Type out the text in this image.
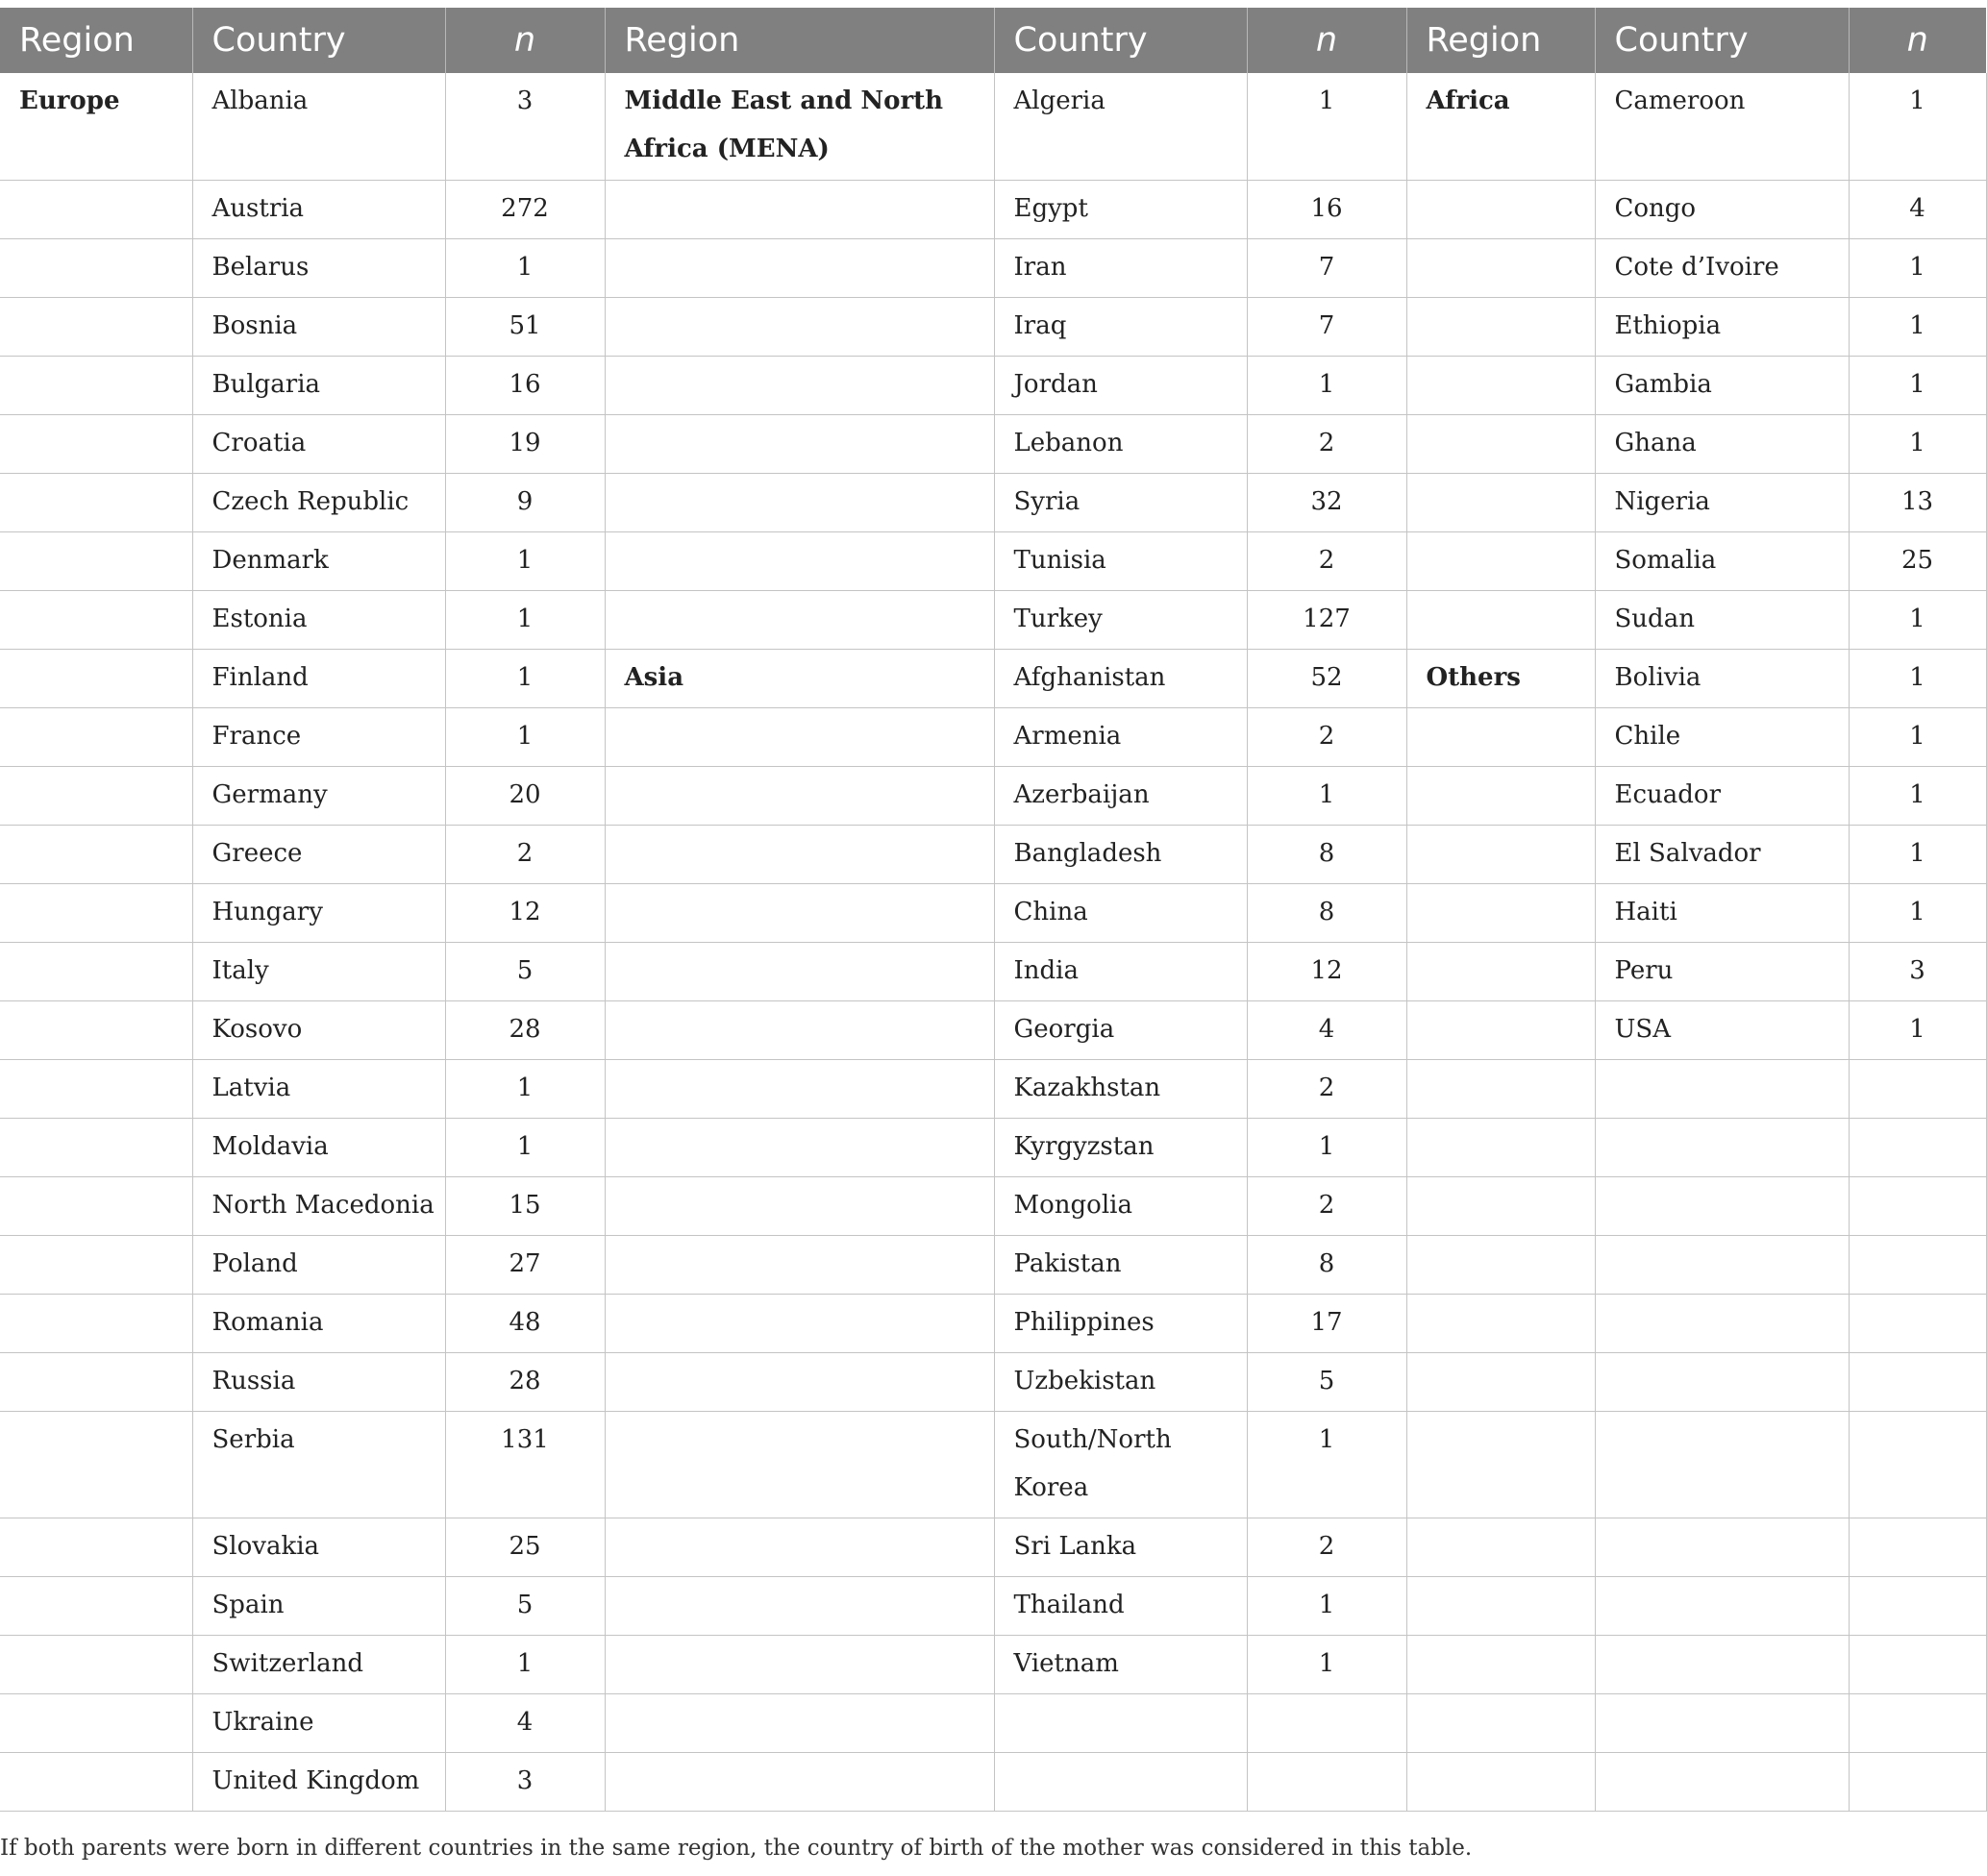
Region	Country	n	Region	Country	n	Region	Country	n
Europe	Albania	3	Middle East and North Africa (MENA)	Algeria	1	Africa	Cameroon	1
	Austria	272		Egypt	16		Congo	4
	Belarus	1		Iran	7		Cote d’Ivoire	1
	Bosnia	51		Iraq	7		Ethiopia	1
	Bulgaria	16		Jordan	1		Gambia	1
	Croatia	19		Lebanon	2		Ghana	1
	Czech Republic	9		Syria	32		Nigeria	13
	Denmark	1		Tunisia	2		Somalia	25
	Estonia	1		Turkey	127		Sudan	1
	Finland	1	Asia	Afghanistan	52	Others	Bolivia	1
	France	1		Armenia	2		Chile	1
	Germany	20		Azerbaijan	1		Ecuador	1
	Greece	2		Bangladesh	8		El Salvador	1
	Hungary	12		China	8		Haiti	1
	Italy	5		India	12		Peru	3
	Kosovo	28		Georgia	4		USA	1
	Latvia	1		Kazakhstan	2			
	Moldavia	1		Kyrgyzstan	1			
	North Macedonia	15		Mongolia	2			
	Poland	27		Pakistan	8			
	Romania	48		Philippines	17			
	Russia	28		Uzbekistan	5			
	Serbia	131		South/North Korea	1			
	Slovakia	25		Sri Lanka	2			
	Spain	5		Thailand	1			
	Switzerland	1		Vietnam	1			
	Ukraine	4						
	United Kingdom	3						
If both parents were born in different countries in the same region, the country of birth of the mother was considered in this table.
